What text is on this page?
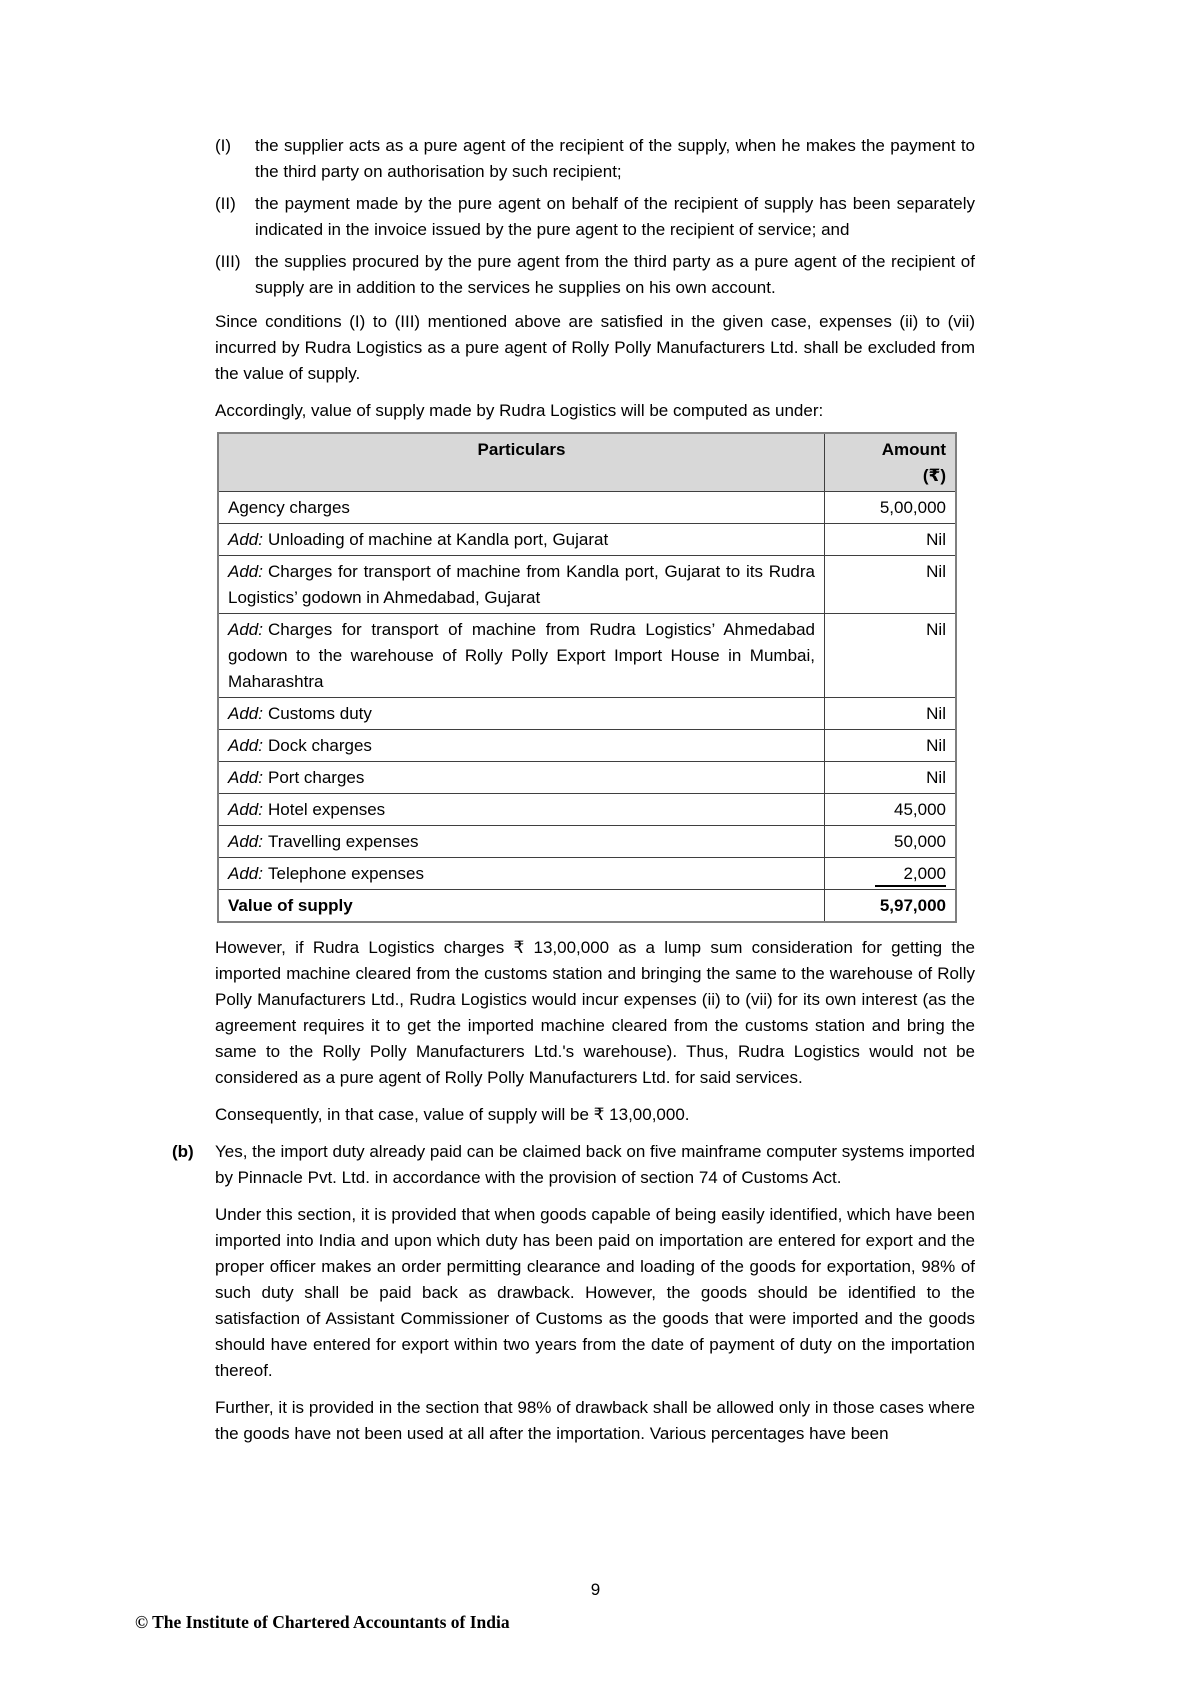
(I)	the supplier acts as a pure agent of the recipient of the supply, when he makes the payment to the third party on authorisation by such recipient;
(II)	the payment made by the pure agent on behalf of the recipient of supply has been separately indicated in the invoice issued by the pure agent to the recipient of service; and
(III) the supplies procured by the pure agent from the third party as a pure agent of the recipient of supply are in addition to the services he supplies on his own account.

Since conditions (I) to (III) mentioned above are satisfied in the given case, expenses (ii) to (vii) incurred by Rudra Logistics as a pure agent of Rolly Polly Manufacturers Ltd. shall be excluded from the value of supply.

Accordingly, value of supply made by Rudra Logistics will be computed as under:

Particulars	Amount
(₹)

Agency charges	5,00,000
Add: Unloading of machine at Kandla port, Gujarat	Nil
Add: Charges for transport of machine from Kandla port, Gujarat to its Rudra Logistics’ godown in Ahmedabad, Gujarat	Nil
Add: Charges for transport of machine from Rudra Logistics’ Ahmedabad godown to the warehouse of Rolly Polly Export Import House in Mumbai, Maharashtra	Nil
Add: Customs duty	Nil
Add: Dock charges	Nil
Add: Port charges	Nil
Add: Hotel expenses	45,000
Add: Travelling expenses	50,000
Add: Telephone expenses	2,000
Value of supply	5,97,000

However, if Rudra Logistics charges ₹ 13,00,000 as a lump sum consideration for getting the imported machine cleared from the customs station and bringing the same to the warehouse of Rolly Polly Manufacturers Ltd., Rudra Logistics would incur expenses (ii) to (vii) for its own interest (as the agreement requires it to get the imported machine cleared from the customs station and bring the same to the Rolly Polly Manufacturers Ltd.'s warehouse). Thus, Rudra Logistics would not be considered as a pure agent of Rolly Polly Manufacturers Ltd. for said services.

Consequently, in that case, value of supply will be ₹ 13,00,000.

(b)	Yes, the import duty already paid can be claimed back on five mainframe computer systems imported by Pinnacle Pvt. Ltd. in accordance with the provision of section 74 of Customs Act.

Under this section, it is provided that when goods capable of being easily identified, which have been imported into India and upon which duty has been paid on importation are entered for export and the proper officer makes an order permitting clearance and loading of the goods for exportation, 98% of such duty shall be paid back as drawback. However, the goods should be identified to the satisfaction of Assistant Commissioner of Customs as the goods that were imported and the goods should have entered for export within two years from the date of payment of duty on the importation thereof.

Further, it is provided in the section that 98% of drawback shall be allowed only in those cases where the goods have not been used at all after the importation. Various percentages have been

9
© The Institute of Chartered Accountants of India
